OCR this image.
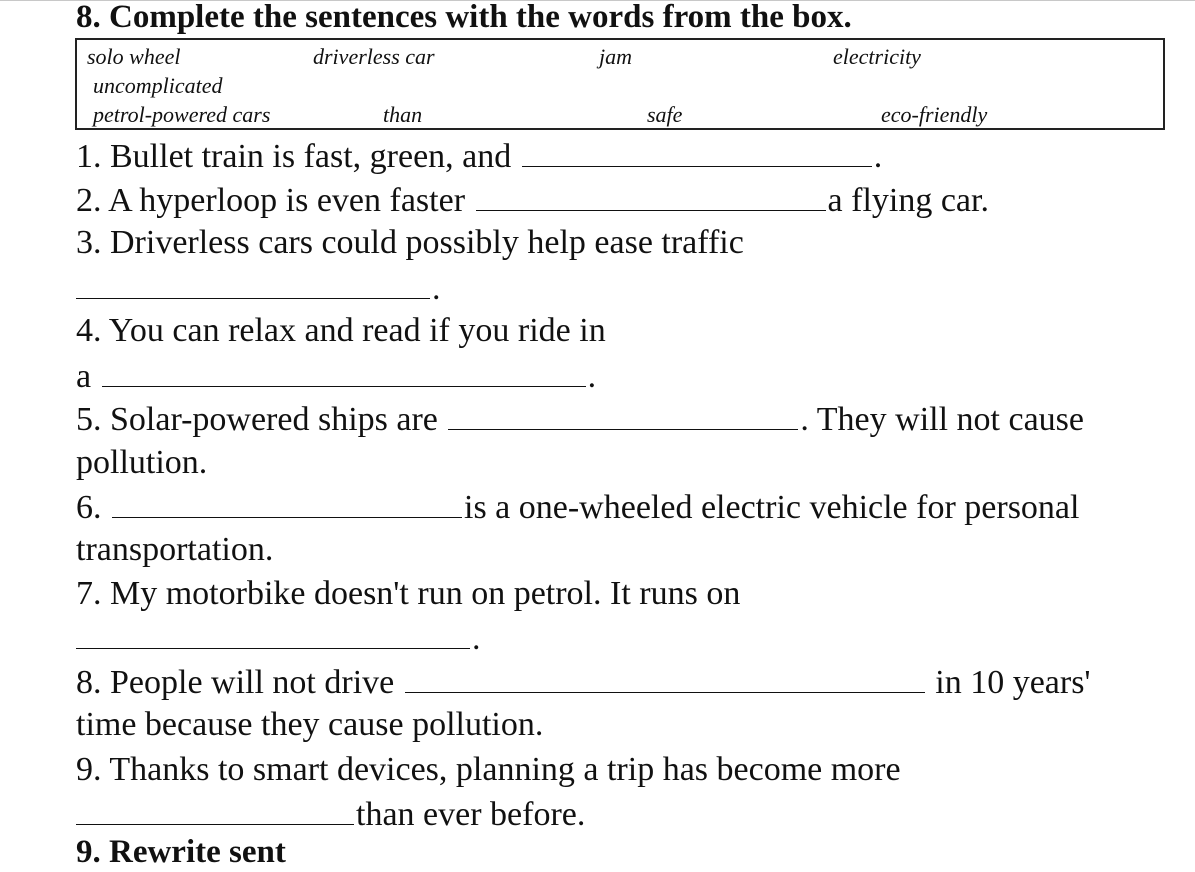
8. Complete the sentences with the words from the box.
solo wheel	driverless car	jam	electricity
uncomplicated
petrol-powered cars	than	safe	eco-friendly
1. Bullet train is fast, green, and	.
2. A hyperloop is even faster	a flying car.
3. Driverless cars could possibly help ease traffic
.
4. You can relax and read if you ride in
a	.
5. Solar-powered ships are	. They will not cause
pollution.
6.	is a one-wheeled electric vehicle for personal
transportation.
7. My motorbike doesn't run on petrol. It runs on
.
8. People will not drive	in 10 years'
time because they cause pollution.
9. Thanks to smart devices, planning a trip has become more
than ever before.
9. Rewrite sent
